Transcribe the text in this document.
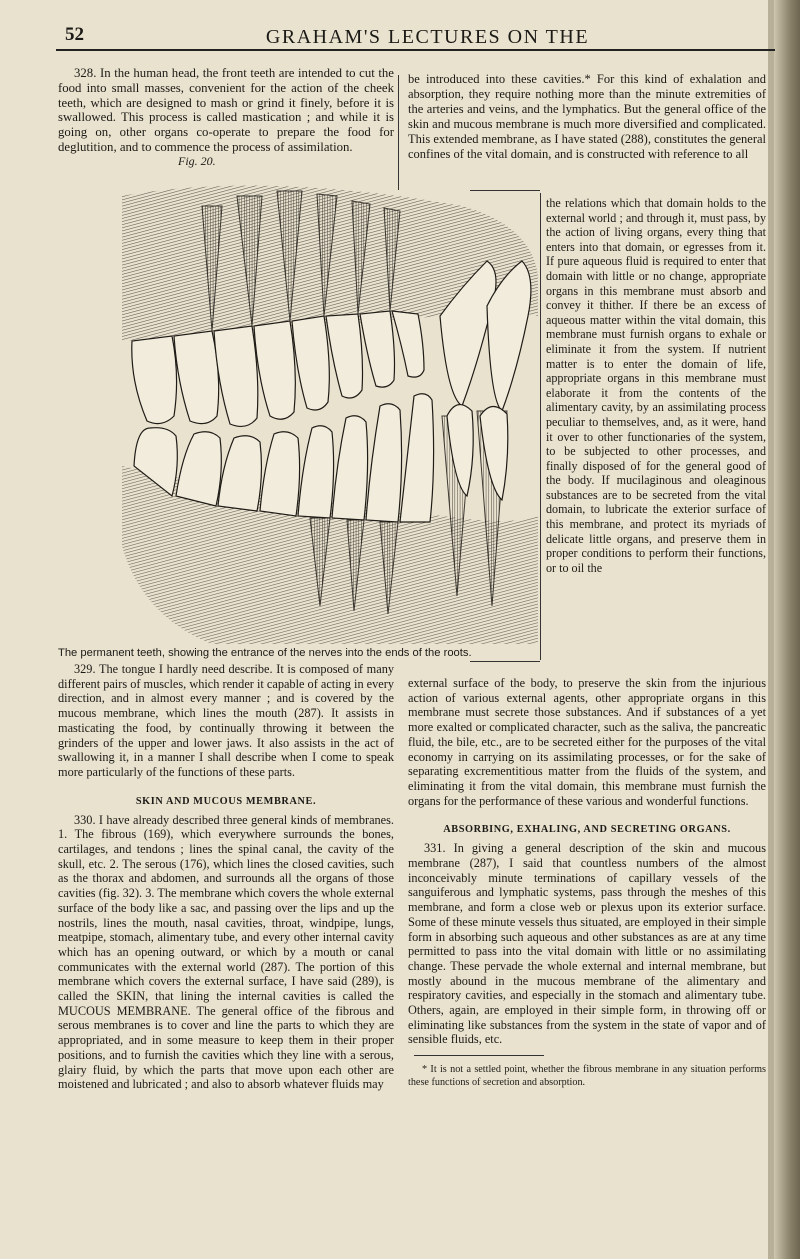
52	GRAHAM'S LECTURES ON THE

328. In the human head, the front teeth are intended to cut the food into small masses, convenient for the action of the cheek teeth, which are designed to mash or grind it finely, before it is swallowed. This process is called mastication ; and while it is going on, other organs co-operate to prepare the food for deglutition, and to commence the process of assimilation.

Fig. 20.
The permanent teeth, showing the entrance of the nerves into the ends of the roots.

be introduced into these cavities.* For this kind of exhalation and absorption, they require nothing more than the minute extremities of the arteries and veins, and the lymphatics. But the general office of the skin and mucous membrane is much more diversified and complicated. This extended membrane, as I have stated (288), constitutes the general confines of the vital domain, and is constructed with reference to all

the relations which that domain holds to the external world ; and through it, must pass, by the action of living organs, every thing that enters into that domain, or egresses from it. If pure aqueous fluid is required to enter that domain with little or no change, appropriate organs in this membrane must absorb and convey it thither. If there be an excess of aqueous matter within the vital domain, this membrane must furnish organs to exhale or eliminate it from the system. If nutrient matter is to enter the domain of life, appropriate organs in this membrane must elaborate it from the contents of the alimentary cavity, by an assimilating process peculiar to themselves, and, as it were, hand it over to other functionaries of the system, to be subjected to other processes, and finally disposed of for the general good of the body. If mucilaginous and oleaginous substances are to be secreted from the vital domain, to lubricate the exterior surface of this membrane, and protect its myriads of delicate little organs, and preserve them in proper conditions to perform their functions, or to oil the

329. The tongue I hardly need describe. It is composed of many different pairs of muscles, which render it capable of acting in every direction, and in almost every manner ; and is covered by the mucous membrane, which lines the mouth (287). It assists in masticating the food, by continually throwing it between the grinders of the upper and lower jaws. It also assists in the act of swallowing it, in a manner I shall describe when I come to speak more particularly of the functions of these parts.

SKIN AND MUCOUS MEMBRANE.

330. I have already described three general kinds of membranes. 1. The fibrous (169), which everywhere surrounds the bones, cartilages, and tendons ; lines the spinal canal, the cavity of the skull, etc. 2. The serous (176), which lines the closed cavities, such as the thorax and abdomen, and surrounds all the organs of those cavities (fig. 32). 3. The membrane which covers the whole external surface of the body like a sac, and passing over the lips and up the nostrils, lines the mouth, nasal cavities, throat, windpipe, lungs, meatpipe, stomach, alimentary tube, and every other internal cavity which has an opening outward, or which by a mouth or canal communicates with the external world (287). The portion of this membrane which covers the external surface, I have said (289), is called the SKIN, that lining the internal cavities is called the MUCOUS MEMBRANE. The general office of the fibrous and serous membranes is to cover and line the parts to which they are appropriated, and in some measure to keep them in their proper positions, and to furnish the cavities which they line with a serous, glairy fluid, by which the parts that move upon each other are moistened and lubricated ; and also to absorb whatever fluids may

external surface of the body, to preserve the skin from the injurious action of various external agents, other appropriate organs in this membrane must secrete those substances. And if substances of a yet more exalted or complicated character, such as the saliva, the pancreatic fluid, the bile, etc., are to be secreted either for the purposes of the vital economy in carrying on its assimilating processes, or for the sake of separating excrementitious matter from the fluids of the system, and eliminating it from the vital domain, this membrane must furnish the organs for the performance of these various and wonderful functions.

ABSORBING, EXHALING, AND SECRETING ORGANS.

331. In giving a general description of the skin and mucous membrane (287), I said that countless numbers of the almost inconceivably minute terminations of capillary vessels of the sanguiferous and lymphatic systems, pass through the meshes of this membrane, and form a close web or plexus upon its exterior surface. Some of these minute vessels thus situated, are employed in their simple form in absorbing such aqueous and other substances as are at any time permitted to pass into the vital domain with little or no assimilating change. These pervade the whole external and internal membrane, but mostly abound in the mucous membrane of the alimentary and respiratory cavities, and especially in the stomach and alimentary tube. Others, again, are employed in their simple form, in throwing off or eliminating like substances from the system in the state of vapor and of sensible fluids, etc.

* It is not a settled point, whether the fibrous membrane in any situation performs these functions of secretion and absorption.
